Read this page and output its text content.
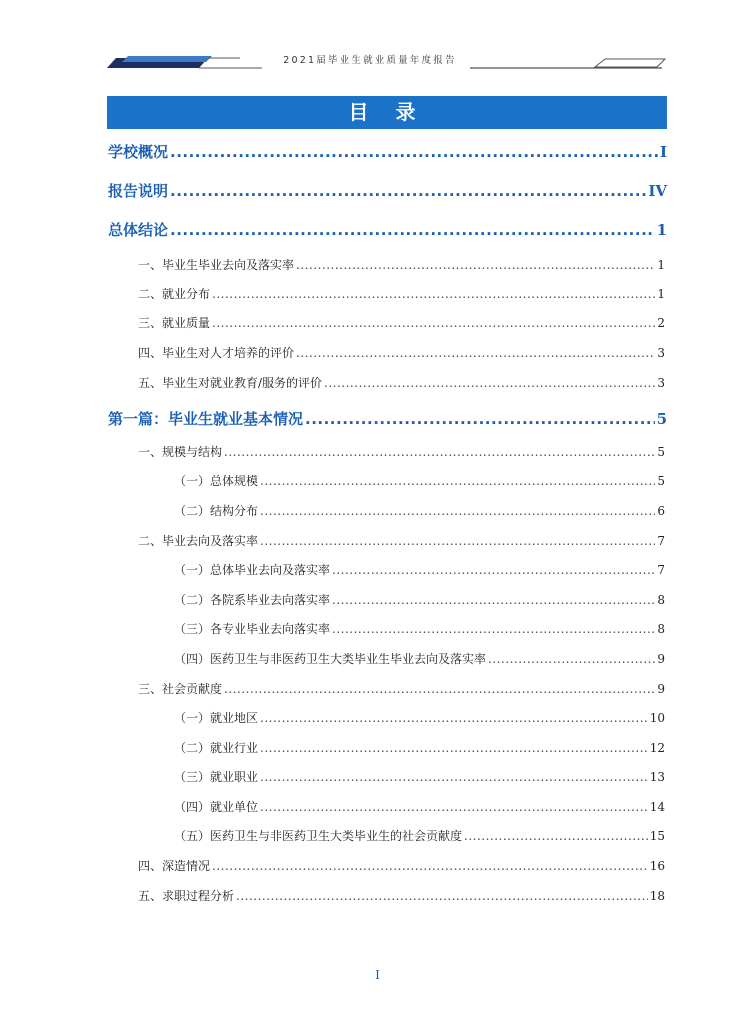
2021届毕业生就业质量年度报告
目 录
学校概况 .....	I
报告说明 .....	IV
总体结论 .....	1
一、毕业生毕业去向及落实率 .....	1
二、就业分布 .....	1
三、就业质量 .....	2
四、毕业生对人才培养的评价 .....	3
五、毕业生对就业教育/服务的评价 .....	3
第一篇：毕业生就业基本情况 .....	5
一、规模与结构 .....	5
（一）总体规模 .....	5
（二）结构分布 .....	6
二、毕业去向及落实率 .....	7
（一）总体毕业去向及落实率 .....	7
（二）各院系毕业去向落实率 .....	8
（三）各专业毕业去向落实率 .....	8
（四）医药卫生与非医药卫生大类毕业生毕业去向及落实率 .....	9
三、社会贡献度 .....	9
（一）就业地区 .....	10
（二）就业行业 .....	12
（三）就业职业 .....	13
（四）就业单位 .....	14
（五）医药卫生与非医药卫生大类毕业生的社会贡献度 .....	15
四、深造情况 .....	16
五、求职过程分析 .....	18
I
